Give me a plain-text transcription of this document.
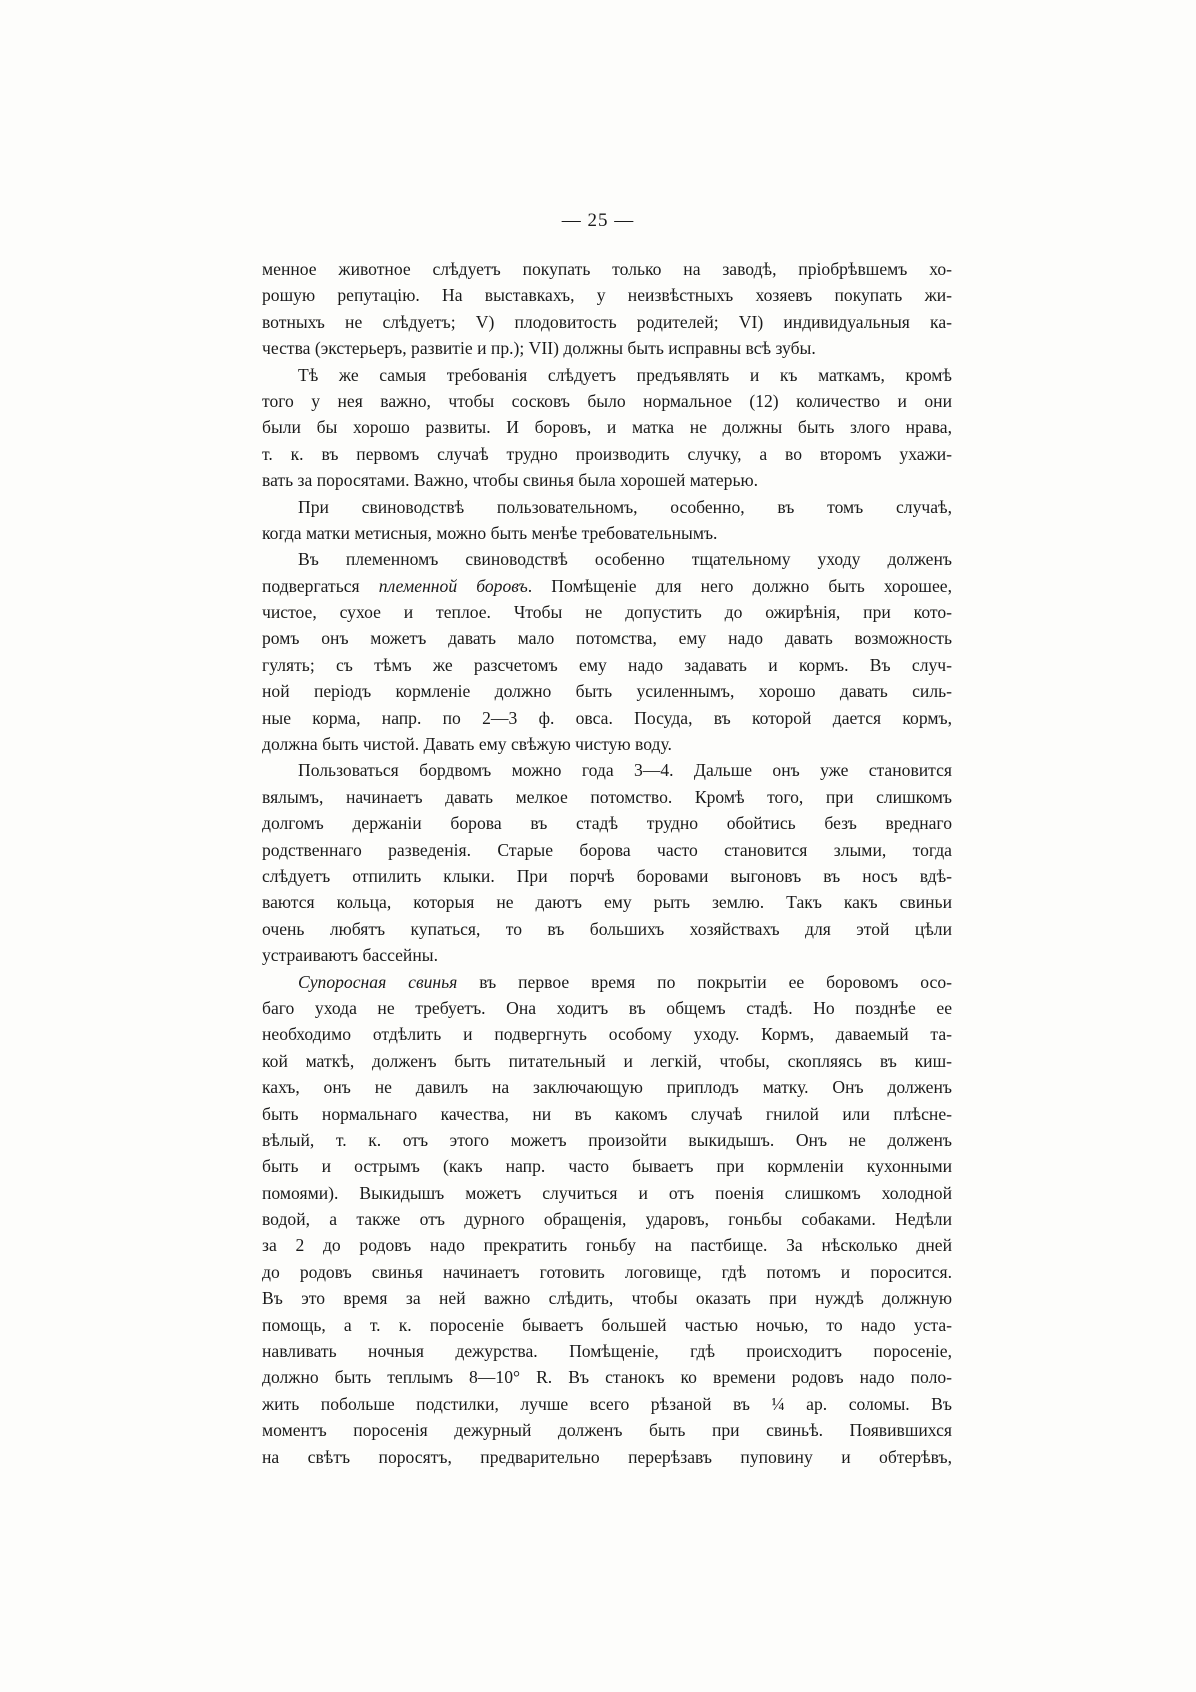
— 25 —
менное животное слѣдуетъ покупать только на заводѣ, пріобрѣвшемъ хо-
рошую репутацію. На выставкахъ, у неизвѣстныхъ хозяевъ покупать жи-
вотныхъ не слѣдуетъ; V) плодовитость родителей; VI) индивидуальныя ка-
чества (экстерьеръ, развитіе и пр.); VII) должны быть исправны всѣ зубы.
Тѣ же самыя требованія слѣдуетъ предъявлять и къ маткамъ, кромѣ
того у нея важно, чтобы сосковъ было нормальное (12) количество и они
были бы хорошо развиты. И боровъ, и матка не должны быть злого нрава,
т. к. въ первомъ случаѣ трудно производить случку, а во второмъ ухажи-
вать за поросятами. Важно, чтобы свинья была хорошей матерью.
При свиноводствѣ пользовательномъ, особенно, въ томъ случаѣ,
когда матки метисныя, можно быть менѣе требовательнымъ.
Въ племенномъ свиноводствѣ особенно тщательному уходу долженъ
подвергаться племенной боровъ. Помѣщеніе для него должно быть хорошее,
чистое, сухое и теплое. Чтобы не допустить до ожирѣнія, при кото-
ромъ онъ можетъ давать мало потомства, ему надо давать возможность
гулять; съ тѣмъ же разсчетомъ ему надо задавать и кормъ. Въ случ-
ной періодъ кормленіе должно быть усиленнымъ, хорошо давать силь-
ные корма, напр. по 2—3 ф. овса. Посуда, въ которой дается кормъ,
должна быть чистой. Давать ему свѣжую чистую воду.
Пользоваться бордвомъ можно года 3—4. Дальше онъ уже становится
вялымъ, начинаетъ давать мелкое потомство. Кромѣ того, при слишкомъ
долгомъ держаніи борова въ стадѣ трудно обойтись безъ вреднаго
родственнаго разведенія. Старые борова часто становится злыми, тогда
слѣдуетъ отпилить клыки. При порчѣ боровами выгоновъ въ носъ вдѣ-
ваются кольца, которыя не даютъ ему рыть землю. Такъ какъ свиньи
очень любятъ купаться, то въ большихъ хозяйствахъ для этой цѣли
устраиваютъ бассейны.
Супоросная свинья въ первое время по покрытіи ее боровомъ осо-
баго ухода не требуетъ. Она ходитъ въ общемъ стадѣ. Но позднѣе ее
необходимо отдѣлить и подвергнуть особому уходу. Кормъ, даваемый та-
кой маткѣ, долженъ быть питательный и легкій, чтобы, скопляясь въ киш-
кахъ, онъ не давилъ на заключающую приплодъ матку. Онъ долженъ
быть нормальнаго качества, ни въ какомъ случаѣ гнилой или плѣсне-
вѣлый, т. к. отъ этого можетъ произойти выкидышъ. Онъ не долженъ
быть и острымъ (какъ напр. часто бываетъ при кормленіи кухонными
помоями). Выкидышъ можетъ случиться и отъ поенія слишкомъ холодной
водой, а также отъ дурного обращенія, ударовъ, гоньбы собаками. Недѣли
за 2 до родовъ надо прекратить гоньбу на пастбище. За нѣсколько дней
до родовъ свинья начинаетъ готовить логовище, гдѣ потомъ и поросится.
Въ это время за ней важно слѣдить, чтобы оказать при нуждѣ должную
помощь, а т. к. поросеніе бываетъ большей частью ночью, то надо уста-
навливать ночныя дежурства. Помѣщеніе, гдѣ происходитъ поросеніе,
должно быть теплымъ 8—10° R. Въ станокъ ко времени родовъ надо поло-
жить побольше подстилки, лучше всего рѣзаной въ ¼ ар. соломы. Въ
моментъ поросенія дежурный долженъ быть при свиньѣ. Появившихся
на свѣтъ поросятъ, предварительно перерѣзавъ пуповину и обтерѣвъ,
